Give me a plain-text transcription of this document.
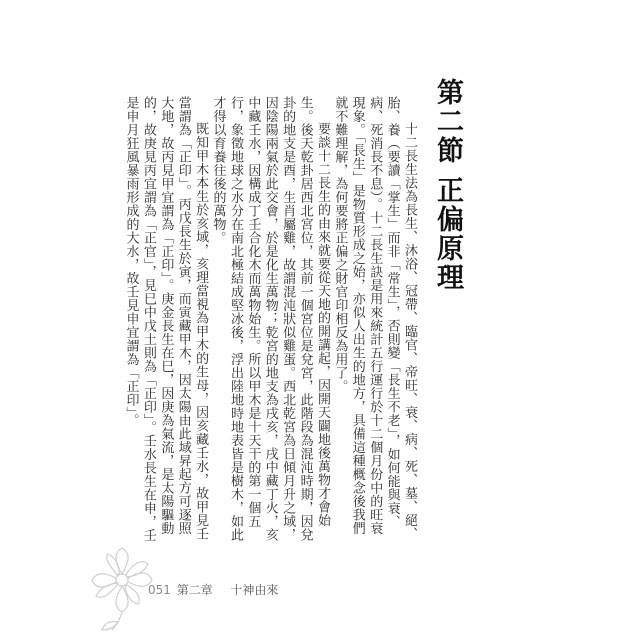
第二節 正偏原理

十二長生法為長生、沐浴、冠帶、臨官、帝旺、衰、病、死、墓、絕、胎、養（要讀「掌生」而非「常生」，否則變「長生不老」，如何能與衰、病、死消長不息）。十二長生訣是用來統計五行運行於十二個月份中的旺衰現象。「長生」是物質形成之始，亦似人出生的地方，具備這種概念後我們就不難理解，為何要將正偏之財官印相反為用了。

要談十二長生的由來就要從天地的開講起，因開天闢地後萬物才會始生。後天乾卦居西北宮位，其前一個宮位是兌宮，此階段為混沌時期，因兌卦的地支是酉，生肖屬雞，故謂混沌狀似雞蛋。西北乾宮為日傾月升之域，因陰陽兩氣於此交會，於是化生萬物；乾宮的地支為戌亥，戌中藏丁火，亥中藏壬水，因構成丁壬合化木而萬物始生。所以甲木是十天干的第一個五行，象徵地球之水分在南北極結成堅冰後，浮出陸地時地表皆是樹木，如此才得以育養往後的萬物。

既知甲木本生於亥域，亥理當視為甲木的生母，因亥藏壬水，故甲見壬當謂為「正印」。丙戊長生於寅，而寅藏甲木，因太陽由此域昇起方可逐照大地，故丙見甲宜謂為「正印」。庚金長生在巳，因庚為氣流，是太陽驅動的，故庚見丙宜謂為「正官」，見巳中戊土則為「正印」。壬水長生在申，壬是申月狂風暴雨形成的大水，故壬見申宜謂為「正印」。

051 第二章 十神由來
